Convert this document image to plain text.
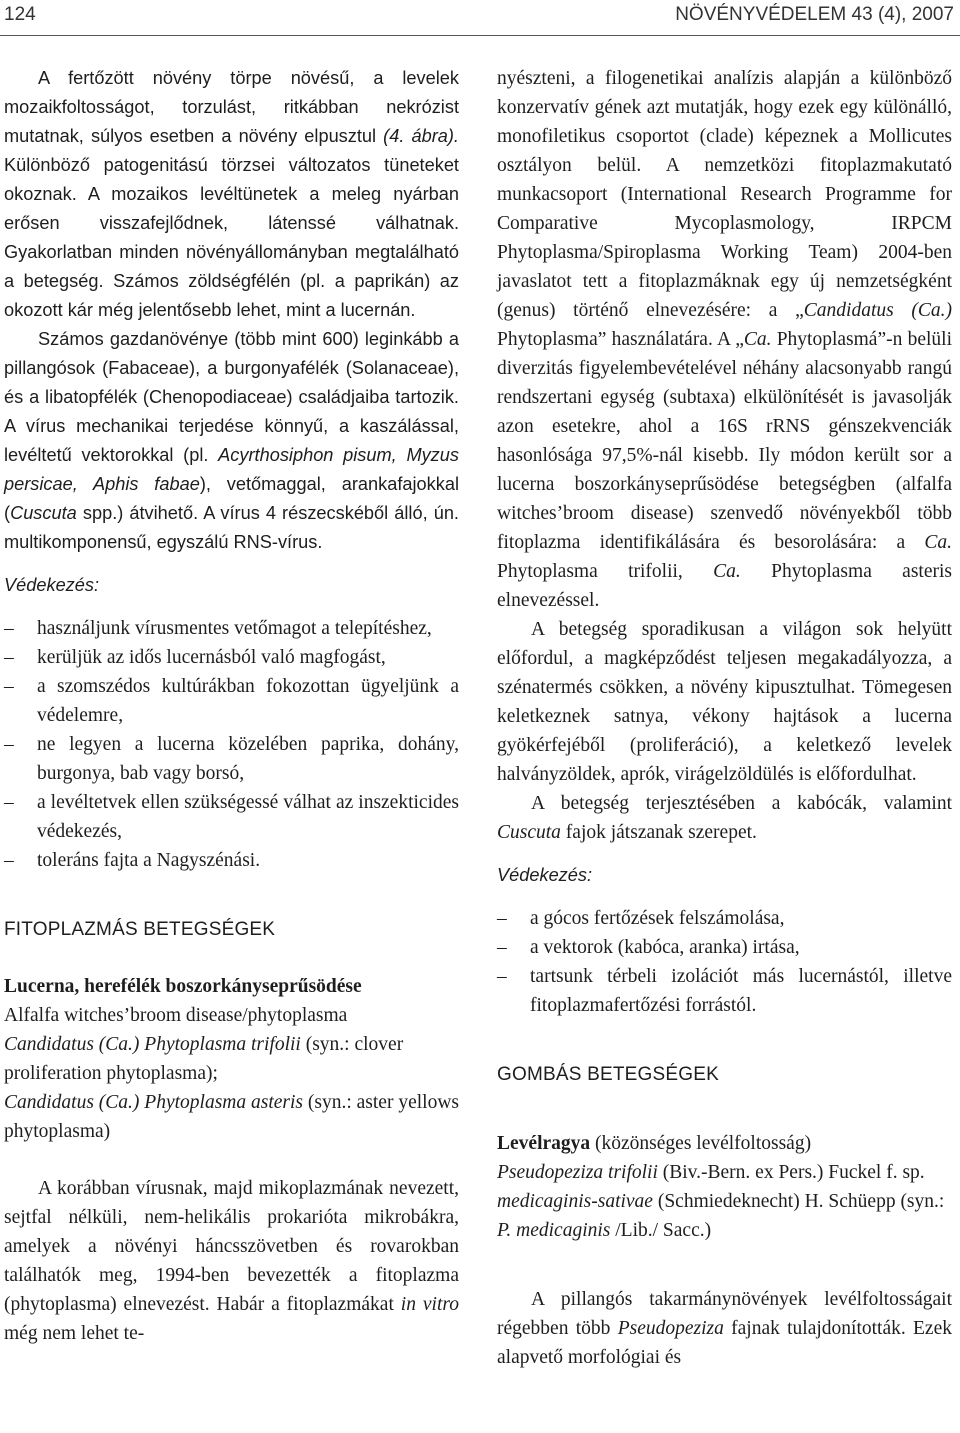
124	NÖVÉNYVÉDELEM 43 (4), 2007

A fertőzött növény törpe növésű, a levelek mozaikfoltosságot, torzulást, ritkábban nekrózist mutatnak, súlyos esetben a növény elpusztul (4. ábra). Különböző patogenitású törzsei változatos tüneteket okoznak. A mozaikos levéltünetek a meleg nyárban erősen visszafejlődnek, látenssé válhatnak. Gyakorlatban minden növényállományban megtalálható a betegség. Számos zöldségfélén (pl. a paprikán) az okozott kár még jelentősebb lehet, mint a lucernán.

Számos gazdanövénye (több mint 600) leginkább a pillangósok (Fabaceae), a burgonyafélék (Solanaceae), és a libatopfélék (Chenopodiaceae) családjaiba tartozik. A vírus mechanikai terjedése könnyű, a kaszálással, levéltetű vektorokkal (pl. Acyrthosiphon pisum, Myzus persicae, Aphis fabae), vetőmaggal, arankafajokkal (Cuscuta spp.) átvihető. A vírus 4 részecskéből álló, ún. multikomponensű, egyszálú RNS-vírus.

Védekezés:

– használjunk vírusmentes vetőmagot a telepítéshez,
– kerüljük az idős lucernásból való magfogást,
– a szomszédos kultúrákban fokozottan ügyeljünk a védelemre,
– ne legyen a lucerna közelében paprika, dohány, burgonya, bab vagy borsó,
– a levéltetvek ellen szükségessé válhat az inszekticides védekezés,
– toleráns fajta a Nagyszénási.

FITOPLAZMÁS BETEGSÉGEK

Lucerna, herefélék boszorkányseprűsödése

Alfalfa witches’broom disease/phytoplasma
Candidatus (Ca.) Phytoplasma trifolii (syn.: clover proliferation phytoplasma);
Candidatus (Ca.) Phytoplasma asteris (syn.: aster yellows phytoplasma)

A korábban vírusnak, majd mikoplazmának nevezett, sejtfal nélküli, nem-helikális prokarióta mikrobákra, amelyek a növényi háncsszövetben és rovarokban találhatók meg, 1994-ben bevezették a fitoplazma (phytoplasma) elnevezést. Habár a fitoplazmákat in vitro még nem lehet te-

nyészteni, a filogenetikai analízis alapján a különböző konzervatív gének azt mutatják, hogy ezek egy különálló, monofiletikus csoportot (clade) képeznek a Mollicutes osztályon belül. A nemzetközi fitoplazmakutató munkacsoport (International Research Programme for Comparative Mycoplasmology, IRPCM Phytoplasma/Spiroplasma Working Team) 2004-ben javaslatot tett a fitoplazmáknak egy új nemzetségként (genus) történő elnevezésére: a „Candidatus (Ca.) Phytoplasma” használatára. A „Ca. Phytoplasmá”-n belüli diverzitás figyelembevételével néhány alacsonyabb rangú rendszertani egység (subtaxa) elkülönítését is javasolják azon esetekre, ahol a 16S rRNS génszekvenciák hasonlósága 97,5%-nál kisebb. Ily módon került sor a lucerna boszorkányseprűsödése betegségben (alfalfa witches’broom disease) szenvedő növényekből több fitoplazma identifikálására és besorolására: a Ca. Phytoplasma trifolii, Ca. Phytoplasma asteris elnevezéssel.

A betegség sporadikusan a világon sok helyütt előfordul, a magképződést teljesen megakadályozza, a szénatermés csökken, a növény kipusztulhat. Tömegesen keletkeznek satnya, vékony hajtások a lucerna gyökérfejéből (proliferáció), a keletkező levelek halványzöldek, aprók, virágelzöldülés is előfordulhat.

A betegség terjesztésében a kabócák, valamint Cuscuta fajok játszanak szerepet.

Védekezés:

– a gócos fertőzések felszámolása,
– a vektorok (kabóca, aranka) irtása,
– tartsunk térbeli izolációt más lucernástól, illetve fitoplazmafertőzési forrástól.

GOMBÁS BETEGSÉGEK

Levélragya (közönséges levélfoltosság)
Pseudopeziza trifolii (Biv.-Bern. ex Pers.) Fuckel f. sp. medicaginis-sativae (Schmiedeknecht) H. Schüepp (syn.: P. medicaginis /Lib./ Sacc.)

A pillangós takarmánynövények levélfoltosságait régebben több Pseudopeziza fajnak tulajdonították. Ezek alapvető morfológiai és
